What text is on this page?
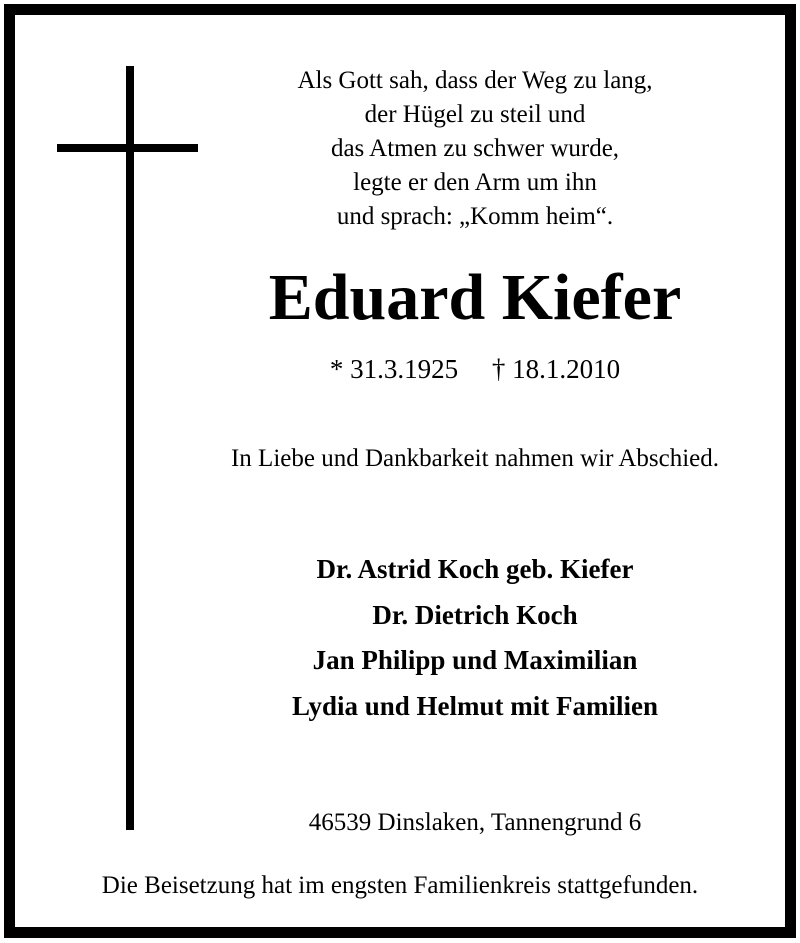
Als Gott sah, dass der Weg zu lang,
der Hügel zu steil und
das Atmen zu schwer wurde,
legte er den Arm um ihn
und sprach: „Komm heim“.
Eduard Kiefer
* 31.3.1925     † 18.1.2010
In Liebe und Dankbarkeit nahmen wir Abschied.
Dr. Astrid Koch geb. Kiefer
Dr. Dietrich Koch
Jan Philipp und Maximilian
Lydia und Helmut mit Familien
46539 Dinslaken, Tannengrund 6
Die Beisetzung hat im engsten Familienkreis stattgefunden.
